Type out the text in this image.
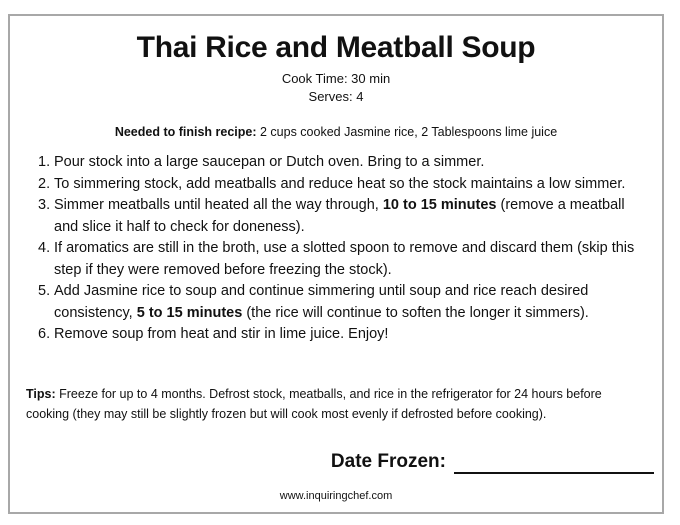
Thai Rice and Meatball Soup
Cook Time: 30 min
Serves: 4
Needed to finish recipe: 2 cups cooked Jasmine rice, 2 Tablespoons lime juice
1. Pour stock into a large saucepan or Dutch oven. Bring to a simmer.
2. To simmering stock, add meatballs and reduce heat so the stock maintains a low simmer.
3. Simmer meatballs until heated all the way through, 10 to 15 minutes (remove a meatball and slice it half to check for doneness).
4. If aromatics are still in the broth, use a slotted spoon to remove and discard them (skip this step if they were removed before freezing the stock).
5. Add Jasmine rice to soup and continue simmering until soup and rice reach desired consistency, 5 to 15 minutes (the rice will continue to soften the longer it simmers).
6. Remove soup from heat and stir in lime juice. Enjoy!
Tips: Freeze for up to 4 months. Defrost stock, meatballs, and rice in the refrigerator for 24 hours before cooking (they may still be slightly frozen but will cook most evenly if defrosted before cooking).
Date Frozen:
www.inquiringchef.com
